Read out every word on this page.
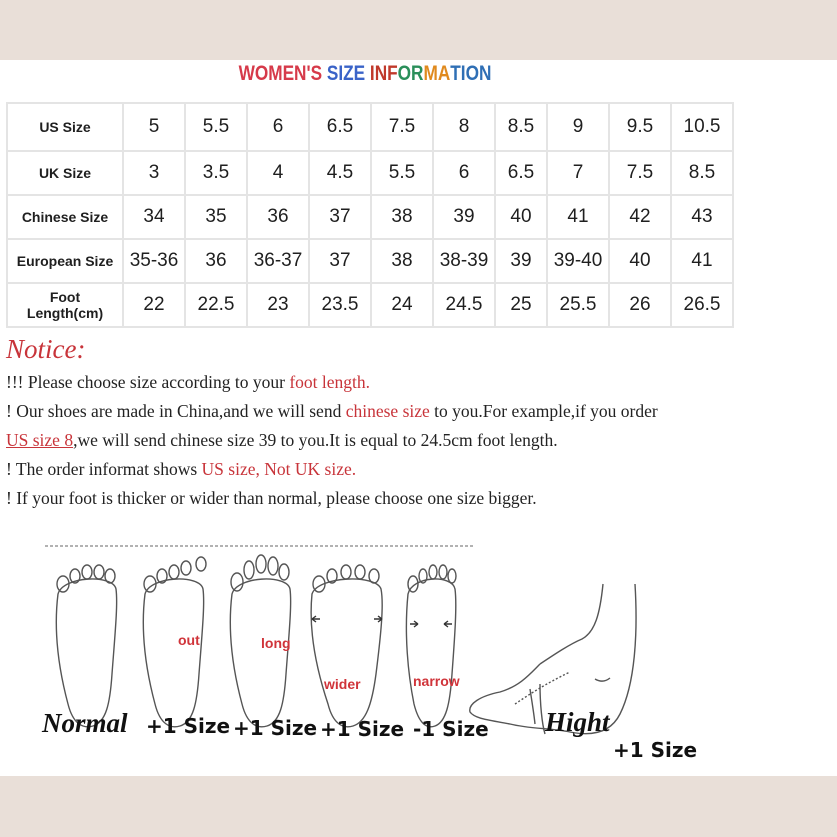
WOMEN'S SIZE INFORMATION
US Size	5	5.5	6	6.5	7.5	8	8.5	9	9.5	10.5

UK Size	3	3.5	4	4.5	5.5	6	6.5	7	7.5	8.5

Chinese Size	34	35	36	37	38	39	40	41	42	43

European Size	35-36	36	36-37	37	38	38-39	39	39-40	40	41

Foot
Length(cm)	22	22.5	23	23.5	24	24.5	25	25.5	26	26.5
Notice:
!!! Please choose size according to your foot length.
! Our shoes are made in China,and we will send chinese size to you.For example,if you order
US size 8,we will send chinese size 39 to you.It is equal to 24.5cm foot length.
! The order informat shows US size, Not UK size.
! If your foot is thicker or wider than normal, please choose one size bigger.
out	long
wider	narrow
Normal +1 Size +1 Size +1 Size -1 Size Hight
+1 Size
